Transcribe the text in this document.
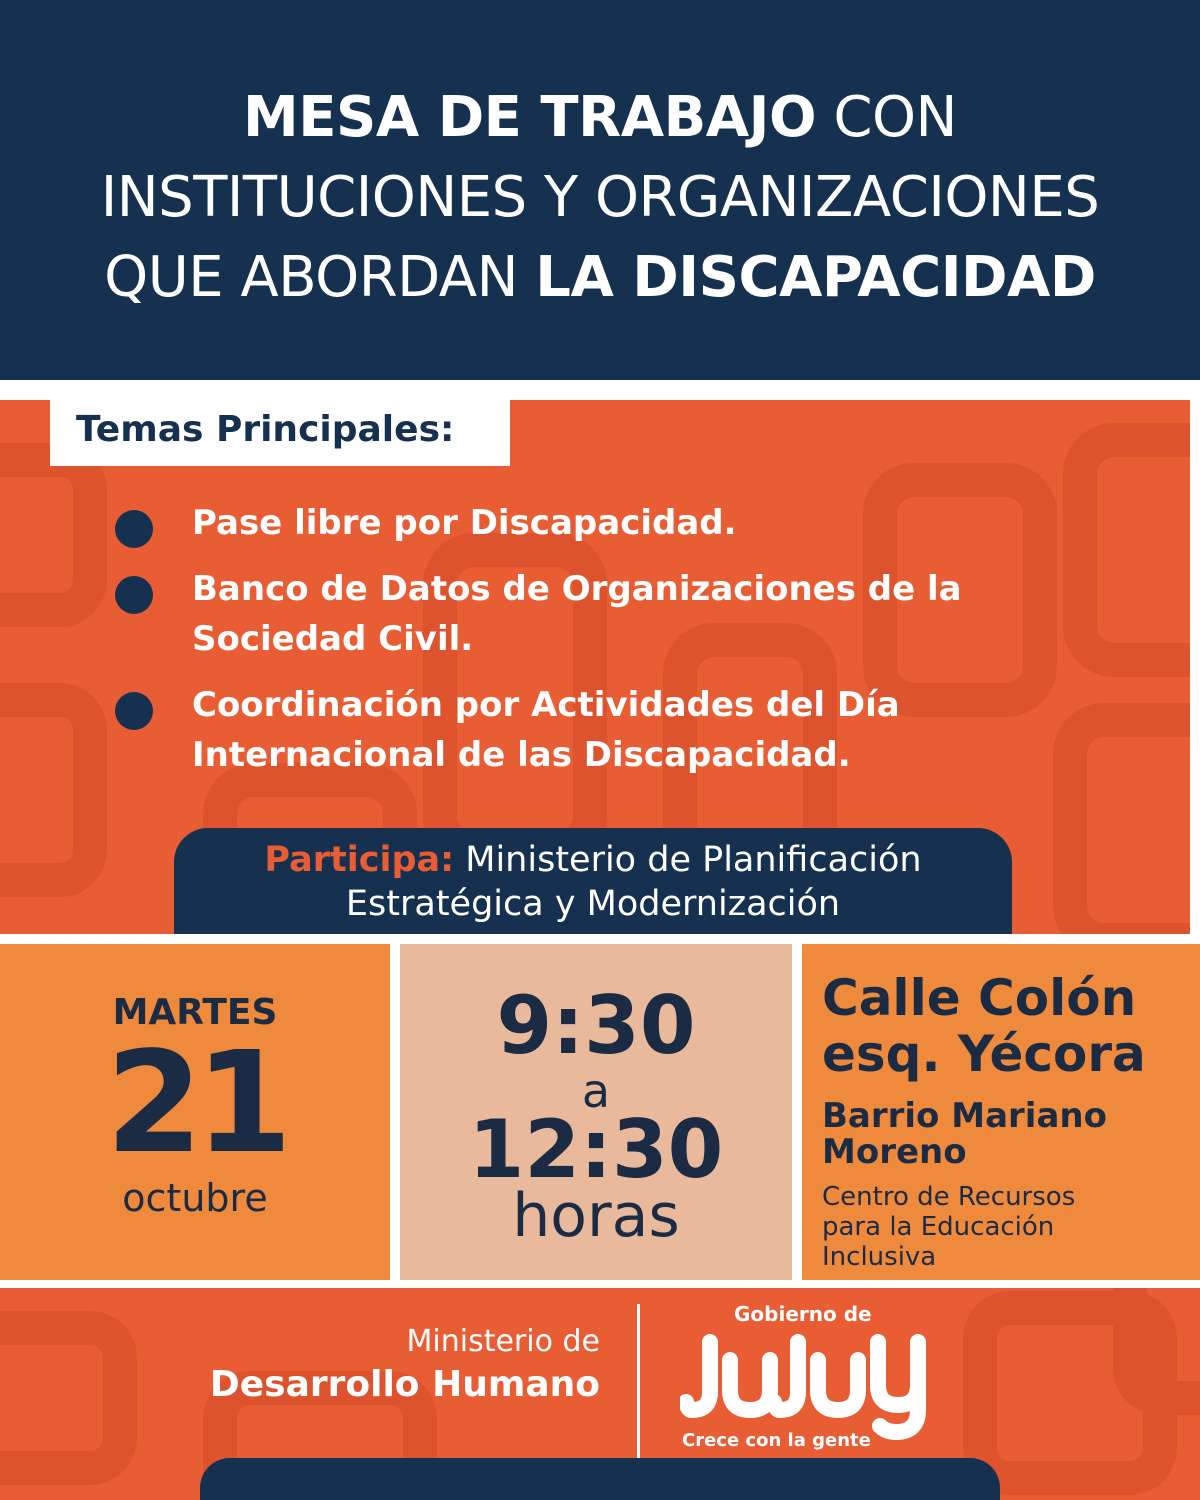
MESA DE TRABAJO CON
INSTITUCIONES Y ORGANIZACIONES
QUE ABORDAN LA DISCAPACIDAD
Temas Principales:
Pase libre por Discapacidad.
Banco de Datos de Organizaciones de la
Sociedad Civil.
Coordinación por Actividades del Día
Internacional de las Discapacidad.
Participa: Ministerio de Planificación
Estratégica y Modernización
MARTES
21
octubre
9:30
a
12:30
horas
Calle Colón
esq. Yécora
Barrio Mariano
Moreno
Centro de Recursos
para la Educación
Inclusiva
Ministerio de
Desarrollo Humano
Gobierno de
Crece con la gente
